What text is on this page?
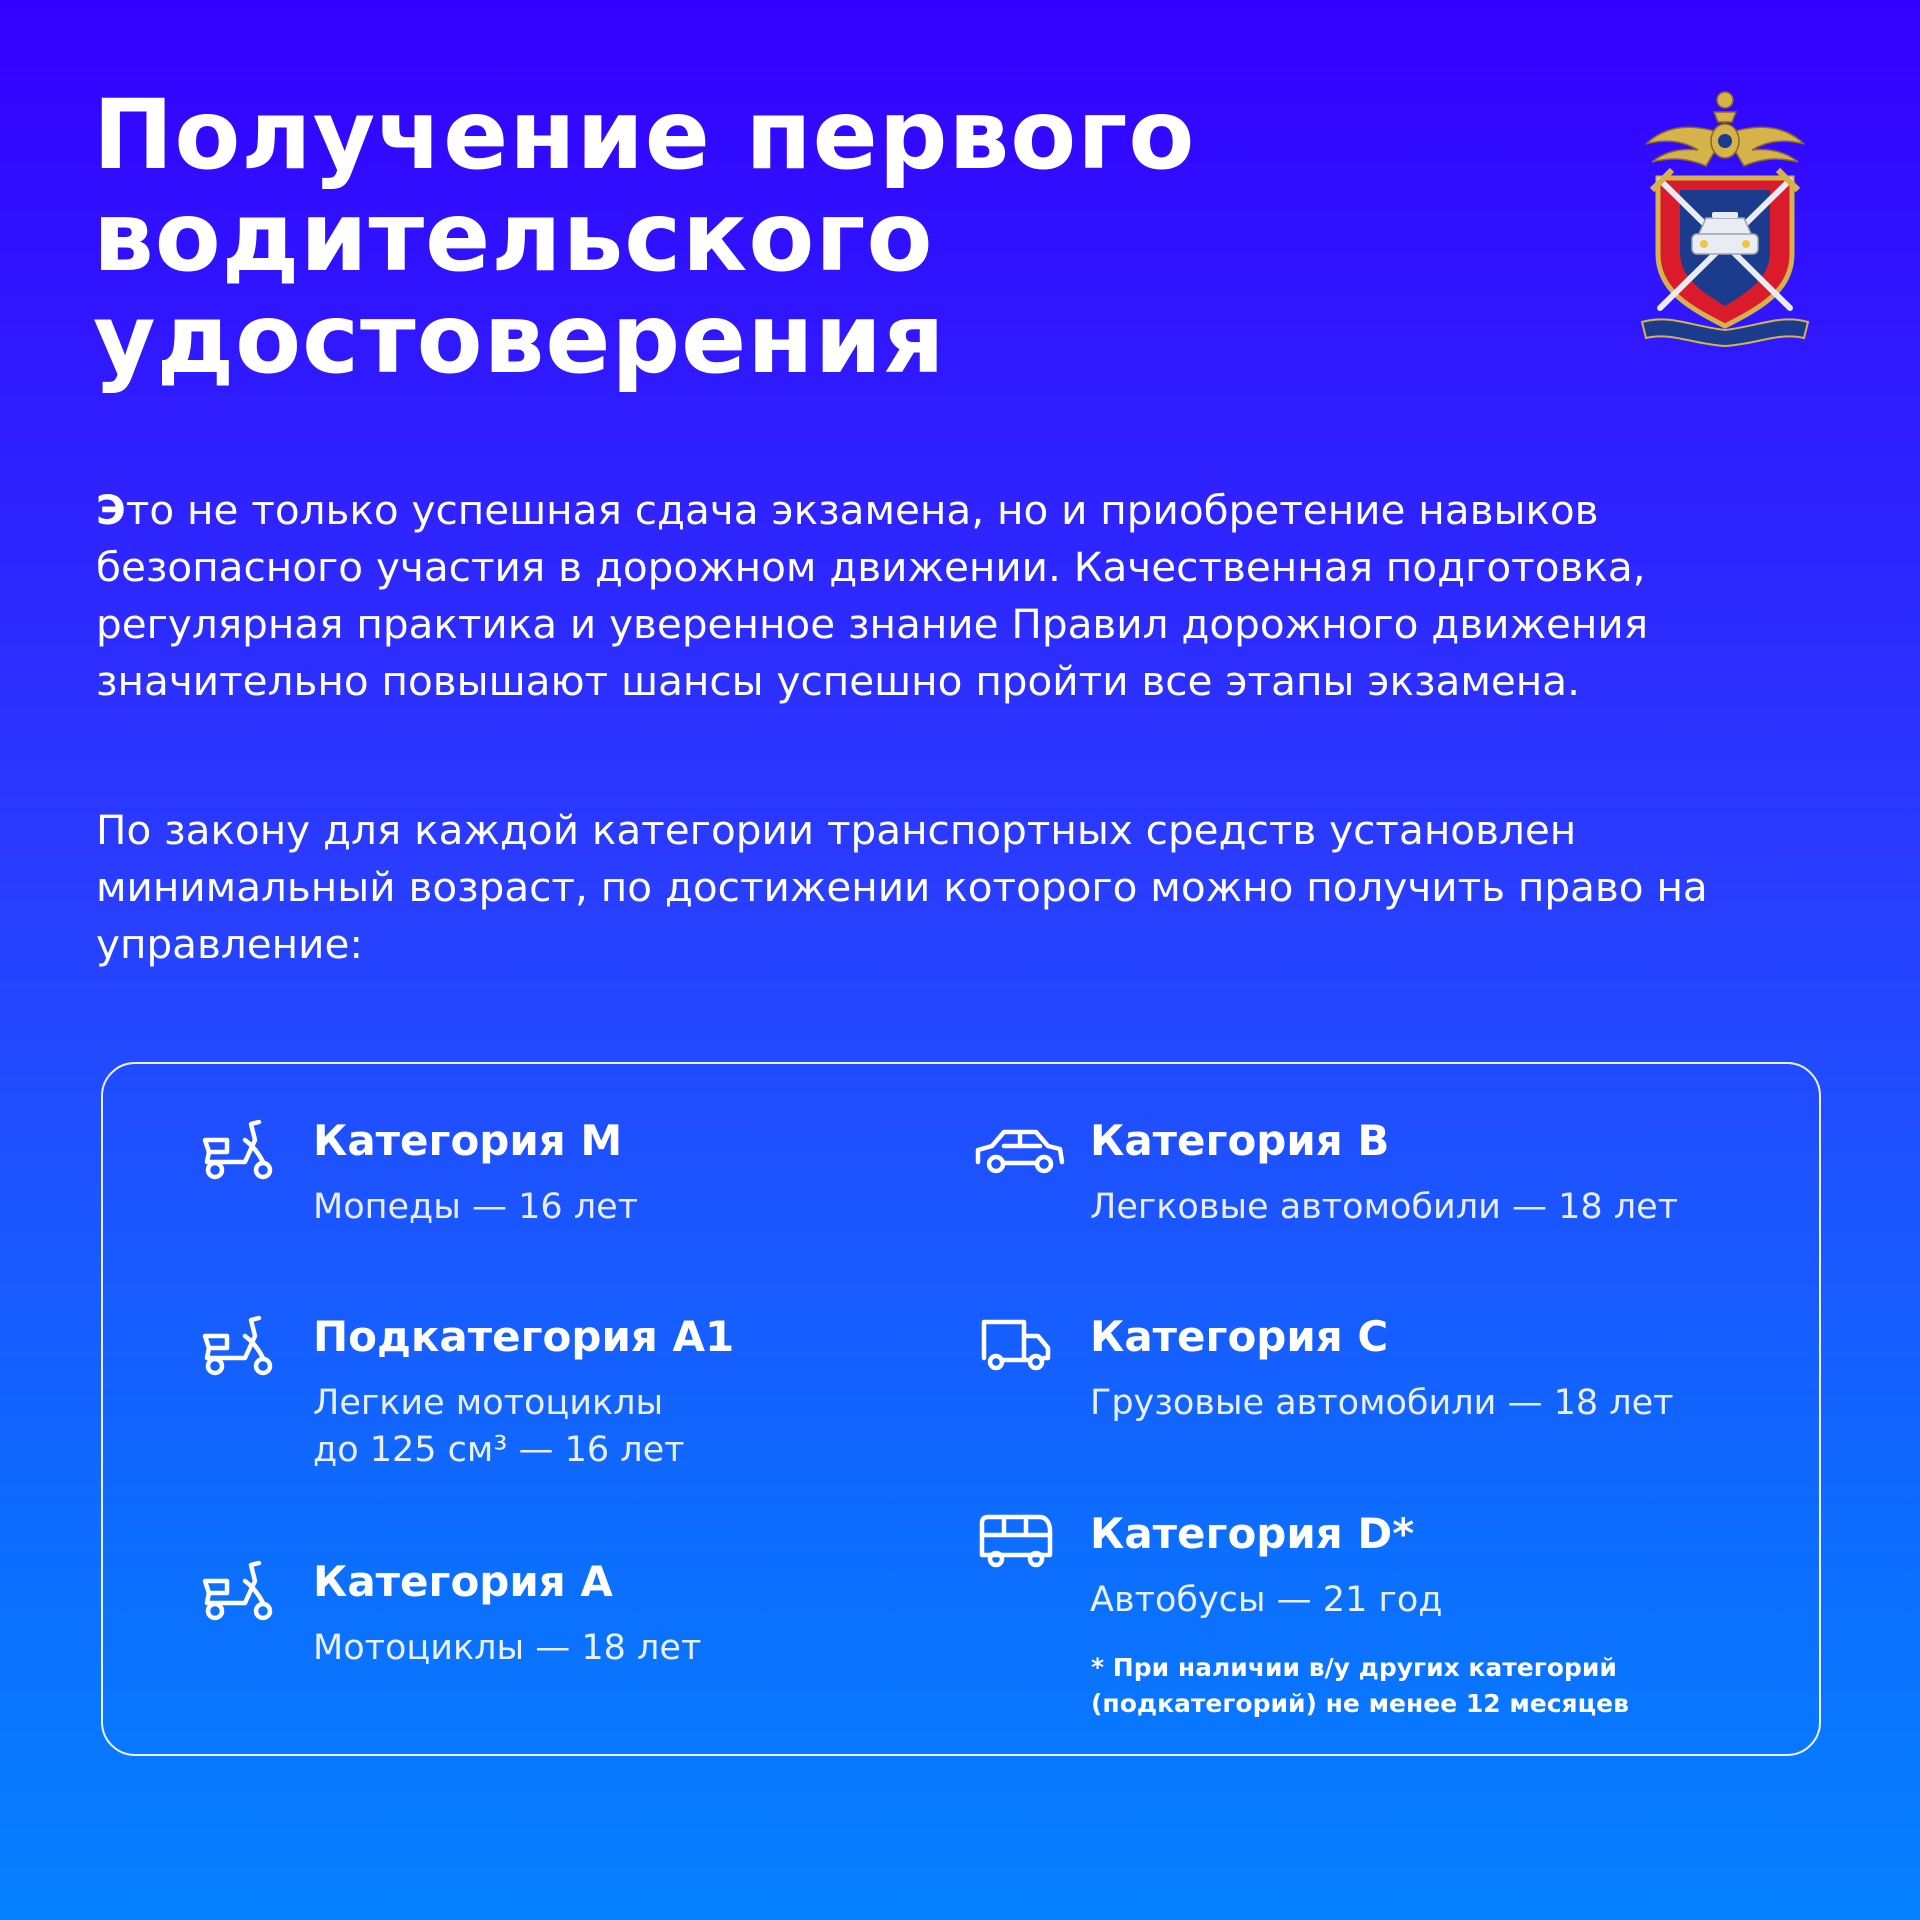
Получение первого
водительского
удостоверения

Это не только успешная сдача экзамена, но и приобретение навыков безопасного участия в дорожном движении. Качественная подготовка, регулярная практика и уверенное знание Правил дорожного движения значительно повышают шансы успешно пройти все этапы экзамена.

По закону для каждой категории транспортных средств установлен минимальный возраст, по достижении которого можно получить право на управление:

Категория M
Мопеды — 16 лет
Подкатегория A1
Легкие мотоциклы
до 125 см³ — 16 лет
Категория A
Мотоциклы — 18 лет
Категория B
Легковые автомобили — 18 лет
Категория C
Грузовые автомобили — 18 лет
Категория D*
Автобусы — 21 год
* При наличии в/у других категорий
(подкатегорий) не менее 12 месяцев
